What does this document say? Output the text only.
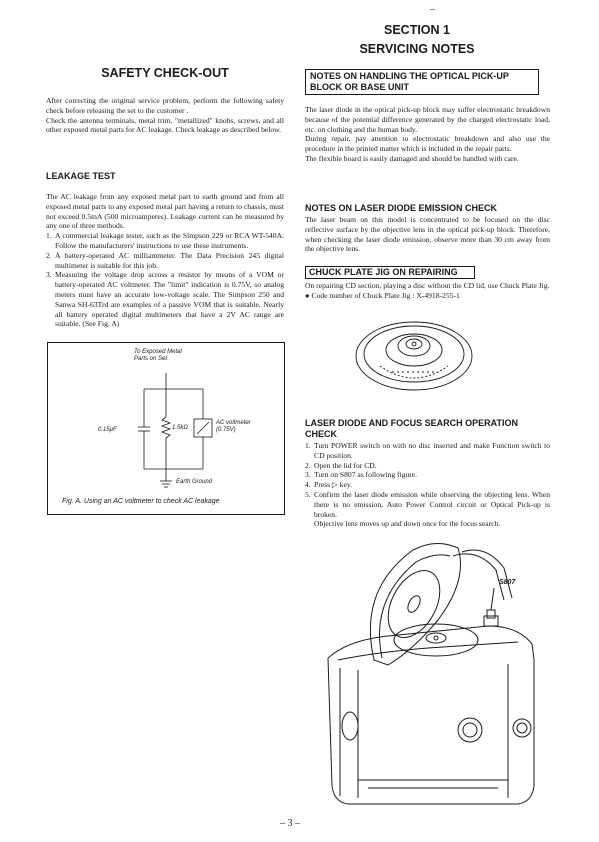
–
SECTION 1
SERVICING NOTES
SAFETY CHECK-OUT
After correcting the original service problem, perform the following safety check before releasing the set to the customer .
Check the antenna terminals, metal trim, "metallized" knobs, screws, and all other exposed metal parts for AC leakage. Check leakage as described below.
LEAKAGE TEST
The AC leakage from any exposed metal part to earth ground and from all exposed metal parts to any exposed metal part having a return to chassis, must not exceed 0.5mA (500 microamperes). Leakage current can be measured by any one of three methods.
1. A commercial leakage tester, such as the Simpson 229 or RCA WT-540A. Follow the manufacturers' instructions to use these instruments.
2. A battery-operated AC milliammeter. The Data Precision 245 digital multimeter is suitable for this job.
3. Measuring the voltage drop across a resistor by means of a VOM or battery-operated AC voltmeter. The "limit" indication is 0.75V, so analog meters must have an accurate low-voltage scale. The Simpson 250 and Sanwa SH-63Trd are examples of a passive VOM that is suitable. Nearly all battery operated digital multimeters that have a 2V AC range are suitable. (See Fig. A)
To Exposed Metal Parts on Set
0.15μF	1.5kΩ
AC voltmeter (0.75V)
Earth Ground
Fig. A. Using an AC voltmeter to check AC leakage
NOTES ON HANDLING THE OPTICAL PICK-UP
BLOCK OR BASE UNIT
The laser diode in the optical pick-up block may suffer electrostatic breakdown because of the potential difference generated by the charged electrostatic load, etc. on clothing and the human body.
During repair, pay attention to electrostatic breakdown and also use the procedure in the printed matter which is included in the repair parts.
The flexible board is easily damaged and should be handled with care.
NOTES ON LASER DIODE EMISSION CHECK
The laser beam on this model is concentrated to be focused on the disc reflective surface by the objective lens in the optical pick-up block. Therefore, when checking the laser diode emission, observe more than 30 cm away from the objective lens.
CHUCK PLATE JIG ON REPAIRING
On repairing CD section, playing a disc without the CD lid, use Chuck Plate Jig.
● Code number of Chuck Plate Jig : X-4918-255-1
LASER DIODE AND FOCUS SEARCH OPERATION
CHECK
1. Turn POWER switch on with no disc inserted and make Function switch to CD position.
2. Open the lid for CD.
3. Turn on S807 as following figure.
4. Press ▷ key.
5. Confirm the laser diode emission while observing the objecting lens. When there is no emission, Auto Power Control circuit or Optical Pick-up is broken.
Objective lens moves up and down once for the focus search.
S807
– 3 –
